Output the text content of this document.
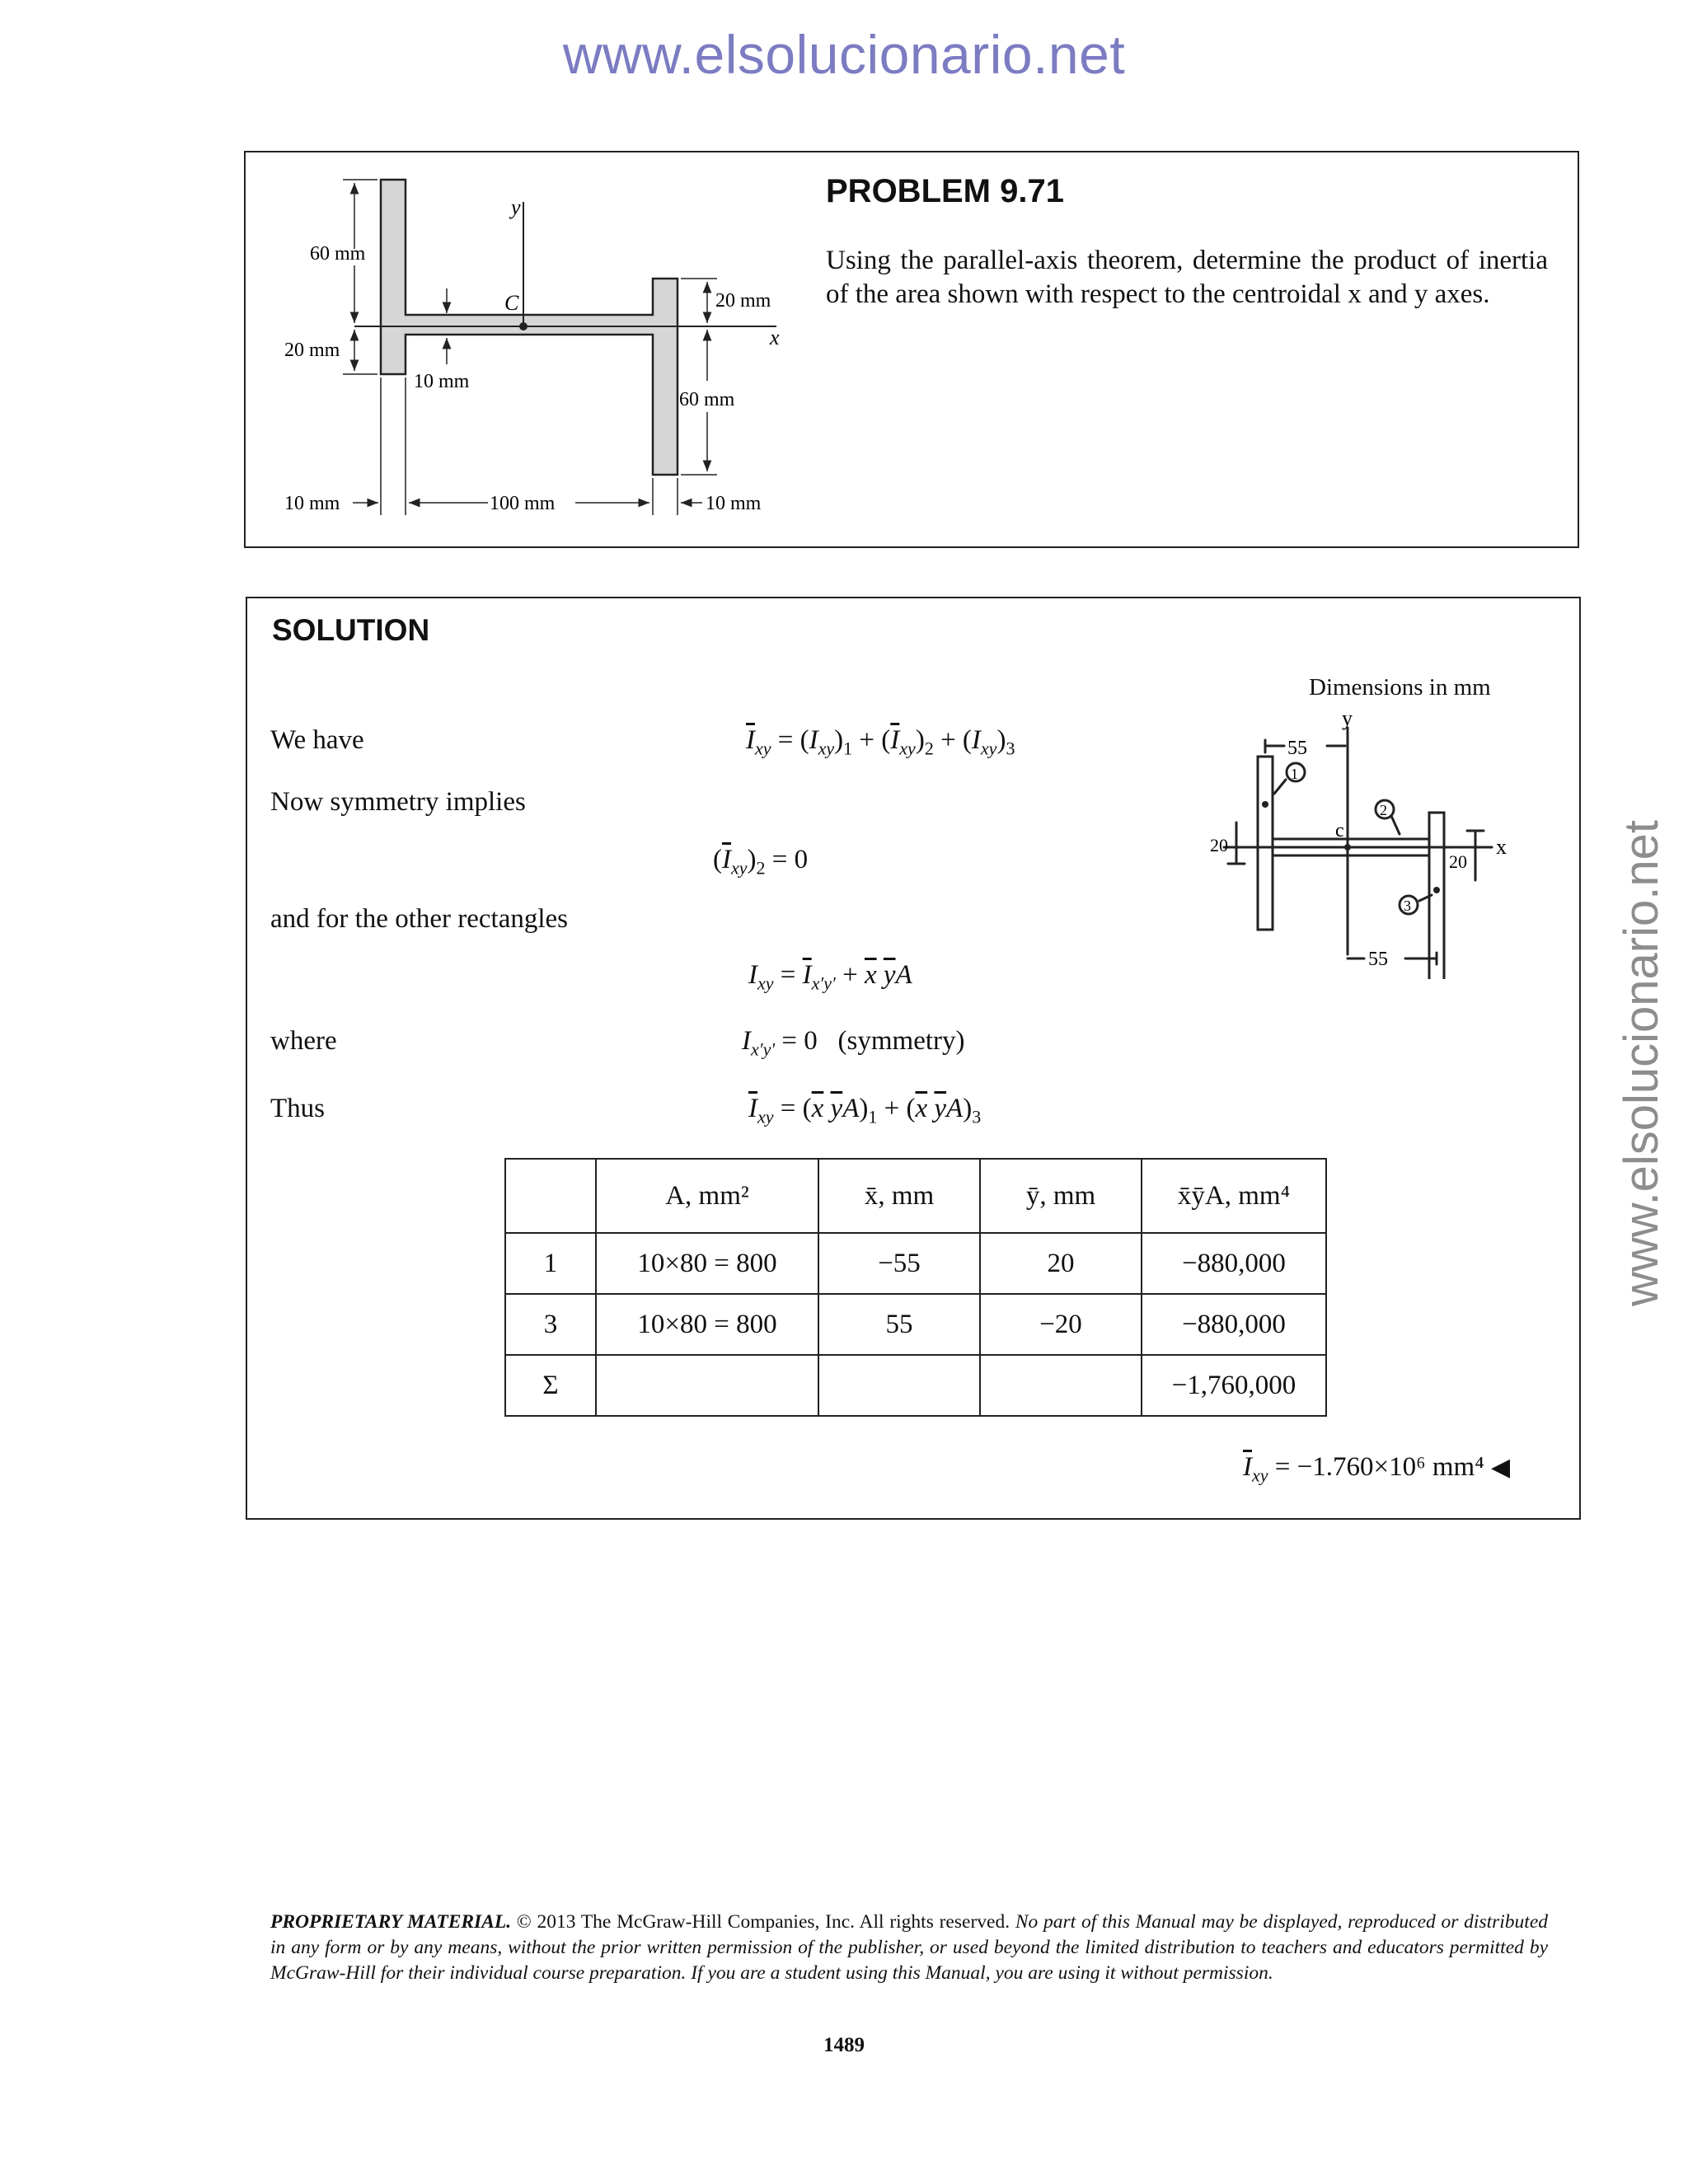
www.elsolucionario.net
www.elsolucionario.net
y
x
C
60 mm
20 mm
10 mm
20 mm
60 mm
10 mm	100 mm	10 mm
PROBLEM 9.71
Using the parallel-axis theorem, determine the product of inertia of the area shown with respect to the centroidal x and y axes.
SOLUTION
Dimensions in mm
55
55
20
20
y
x
c
1
2
3
We have	$\overline{I}_{xy} = (I_{xy})_1 + (\overline{I}_{xy})_2 + (I_{xy})_3$
Now symmetry implies
$(\overline{I}_{xy})_2 = 0$
and for the other rectangles
$I_{xy} = \overline{I}_{x'y'} + \overline{x}$ $\overline{y}A$
where	$I_{x'y'} = 0$   (symmetry)
Thus	$\overline{I}_{xy} = (\overline{x}$ $\overline{y}A)_1 + (\overline{x}$ $\overline{y}A)_3$
	A, mm²	x̄, mm	ȳ, mm	x̄ȳA, mm⁴
1	10×80 = 800	−55	20	−880,000
3	10×80 = 800	55	−20	−880,000
Σ				−1,760,000
$\overline{I}_{xy} = -1.760\times 10^6$ mm⁴ ◀
PROPRIETARY MATERIAL. © 2013 The McGraw-Hill Companies, Inc. All rights reserved. No part of this Manual may be displayed, reproduced or distributed in any form or by any means, without the prior written permission of the publisher, or used beyond the limited distribution to teachers and educators permitted by McGraw-Hill for their individual course preparation. If you are a student using this Manual, you are using it without permission.
1489
